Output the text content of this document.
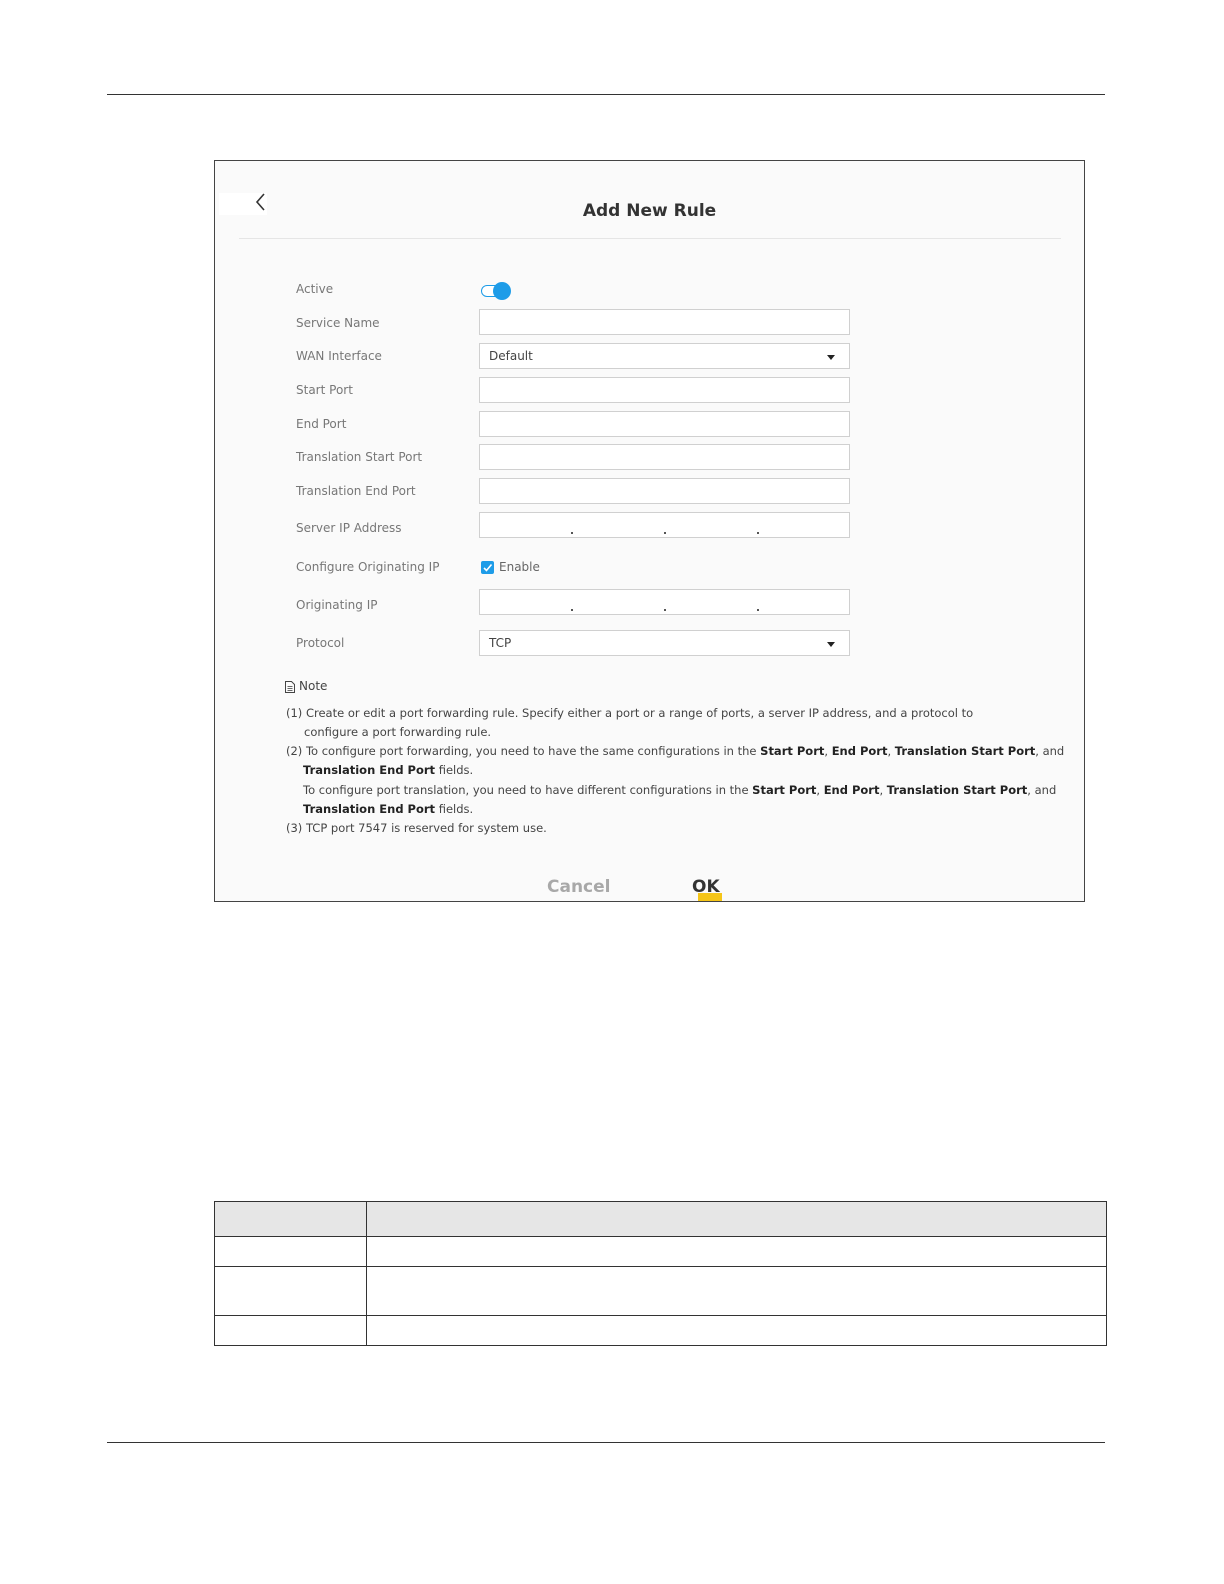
Add New Rule
Active
Service Name
WAN Interface	Default
Start Port
End Port
Translation Start Port
Translation End Port
Server IP Address
Configure Originating IP	Enable
Originating IP
Protocol	TCP
Note
(1) Create or edit a port forwarding rule. Specify either a port or a range of ports, a server IP address, and a protocol to
configure a port forwarding rule.
(2) To configure port forwarding, you need to have the same configurations in the Start Port, End Port, Translation Start Port, and
Translation End Port fields.
To configure port translation, you need to have different configurations in the Start Port, End Port, Translation Start Port, and
Translation End Port fields.
(3) TCP port 7547 is reserved for system use.
Cancel	OK
